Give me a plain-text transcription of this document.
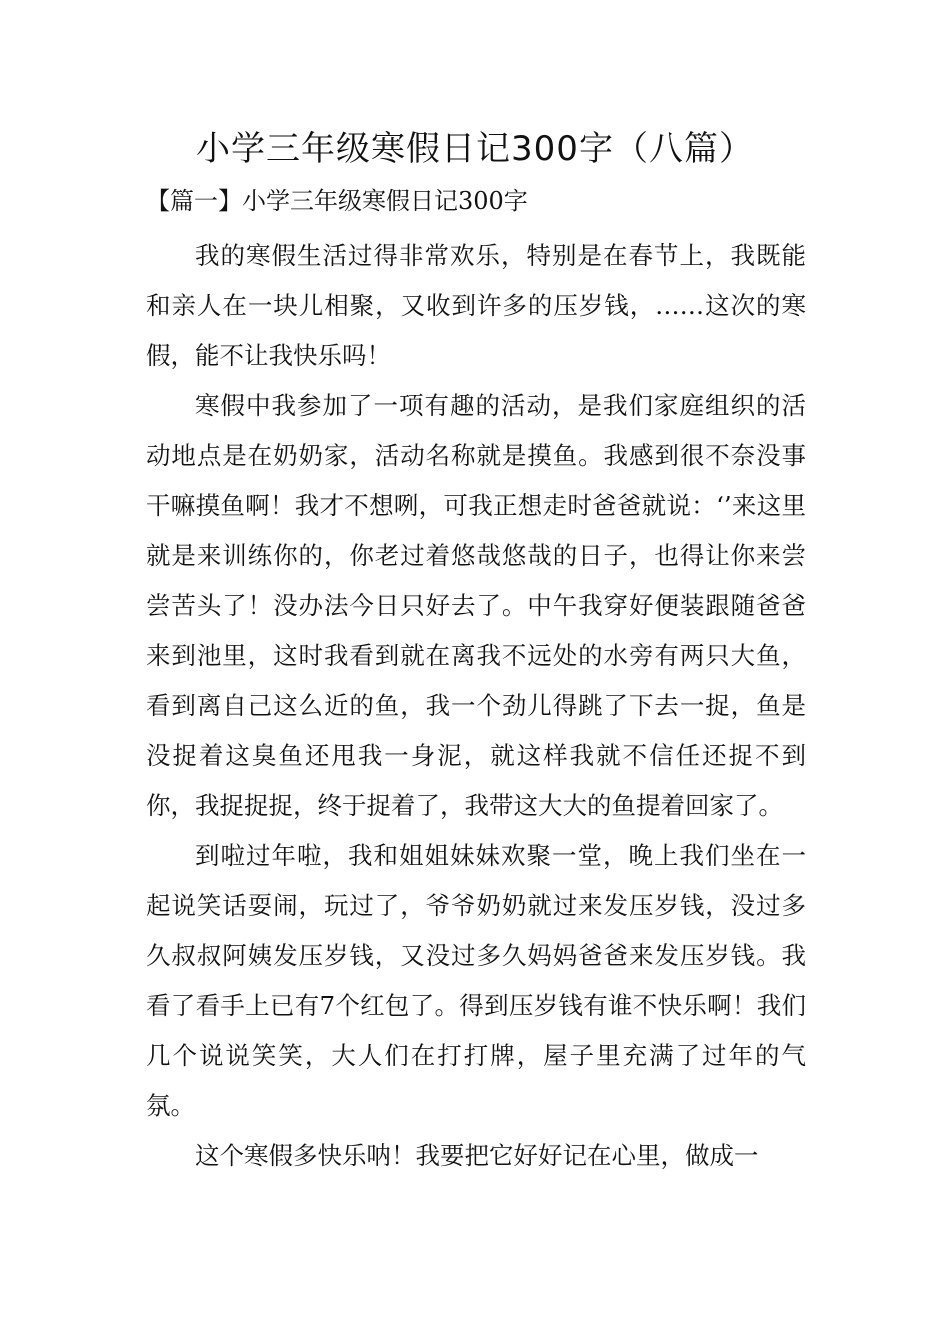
小学三年级寒假日记300字（八篇）
【篇一】小学三年级寒假日记300字

我的寒假生活过得非常欢乐，特别是在春节上，我既能和亲人在一块儿相聚，又收到许多的压岁钱，……这次的寒假，能不让我快乐吗！

寒假中我参加了一项有趣的活动，是我们家庭组织的活动地点是在奶奶家，活动名称就是摸鱼。我感到很不奈没事干嘛摸鱼啊！我才不想咧，可我正想走时爸爸就说：‘’来这里就是来训练你的，你老过着悠哉悠哉的日子，也得让你来尝尝苦头了！没办法今日只好去了。中午我穿好便装跟随爸爸来到池里，这时我看到就在离我不远处的水旁有两只大鱼，看到离自己这么近的鱼，我一个劲儿得跳了下去一捉，鱼是没捉着这臭鱼还甩我一身泥，就这样我就不信任还捉不到你，我捉捉捉，终于捉着了，我带这大大的鱼提着回家了。

到啦过年啦，我和姐姐妹妹欢聚一堂，晚上我们坐在一起说笑话耍闹，玩过了，爷爷奶奶就过来发压岁钱，没过多久叔叔阿姨发压岁钱，又没过多久妈妈爸爸来发压岁钱。我看了看手上已有7个红包了。得到压岁钱有谁不快乐啊！我们几个说说笑笑，大人们在打打牌，屋子里充满了过年的气氛。

这个寒假多快乐呐！我要把它好好记在心里，做成一
